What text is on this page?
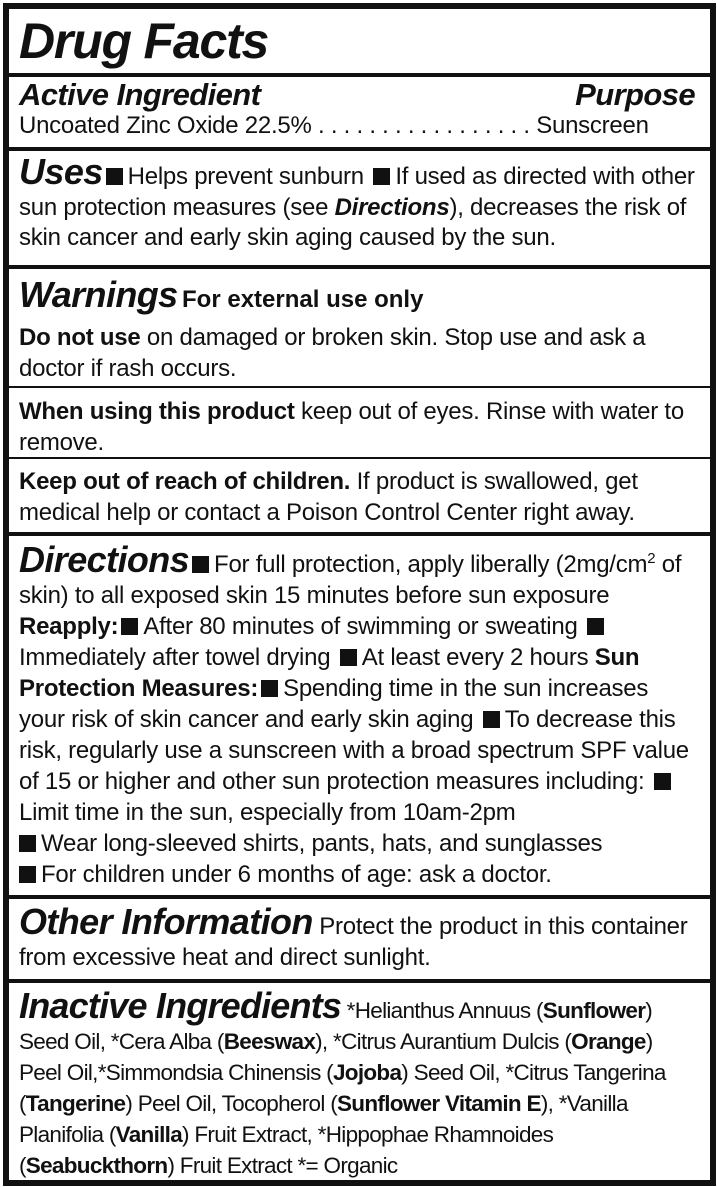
Drug Facts
Active Ingredient	Purpose
Uncoated Zinc Oxide 22.5% . . . . . . . . . . . . . . . . . Sunscreen
Uses Helps prevent sunburn If used as directed with other sun protection measures (see Directions), decreases the risk of skin cancer and early skin aging caused by the sun.
Warnings For external use only
Do not use on damaged or broken skin. Stop use and ask a doctor if rash occurs.
When using this product keep out of eyes. Rinse with water to remove.
Keep out of reach of children. If product is swallowed, get medical help or contact a Poison Control Center right away.
Directions For full protection, apply liberally ($2mg/cm^2$ of skin) to all exposed skin 15 minutes before sun exposure Reapply: After 80 minutes of swimming or sweating Immediately after towel drying At least every 2 hours Sun Protection Measures: Spending time in the sun increases your risk of skin cancer and early skin aging To decrease this risk, regularly use a sunscreen with a broad spectrum SPF value of 15 or higher and other sun protection measures including: Limit time in the sun, especially from 10am-2pm
Wear long-sleeved shirts, pants, hats, and sunglasses
For children under 6 months of age: ask a doctor.
Other Information Protect the product in this container from excessive heat and direct sunlight.
Inactive Ingredients *Helianthus Annuus (Sunflower) Seed Oil, *Cera Alba (Beeswax), *Citrus Aurantium Dulcis (Orange) Peel Oil,*Simmondsia Chinensis (Jojoba) Seed Oil, *Citrus Tangerina (Tangerine) Peel Oil, Tocopherol (Sunflower Vitamin E), *Vanilla Planifolia (Vanilla) Fruit Extract, *Hippophae Rhamnoides (Seabuckthorn) Fruit Extract *= Organic
